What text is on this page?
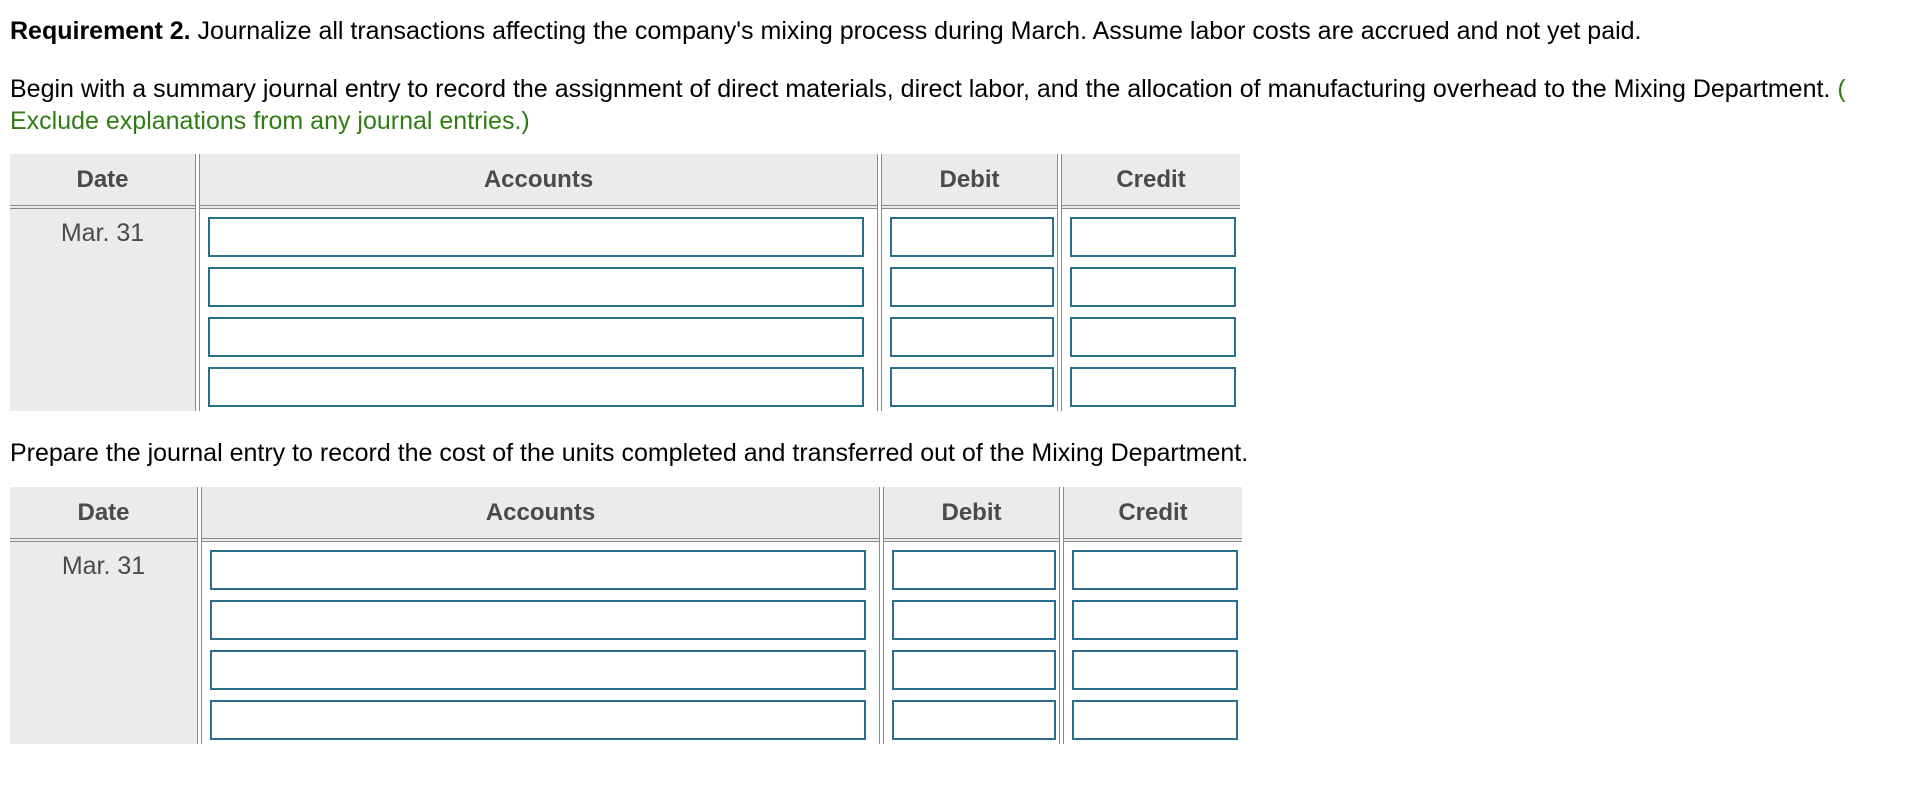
Requirement 2. Journalize all transactions affecting the company's mixing process during March. Assume labor costs are accrued and not yet paid.
Begin with a summary journal entry to record the assignment of direct materials, direct labor, and the allocation of manufacturing overhead to the Mixing Department. (
Exclude explanations from any journal entries.)
Date	Accounts	Debit	Credit
Mar. 31
Prepare the journal entry to record the cost of the units completed and transferred out of the Mixing Department.
Date	Accounts	Debit	Credit
Mar. 31
